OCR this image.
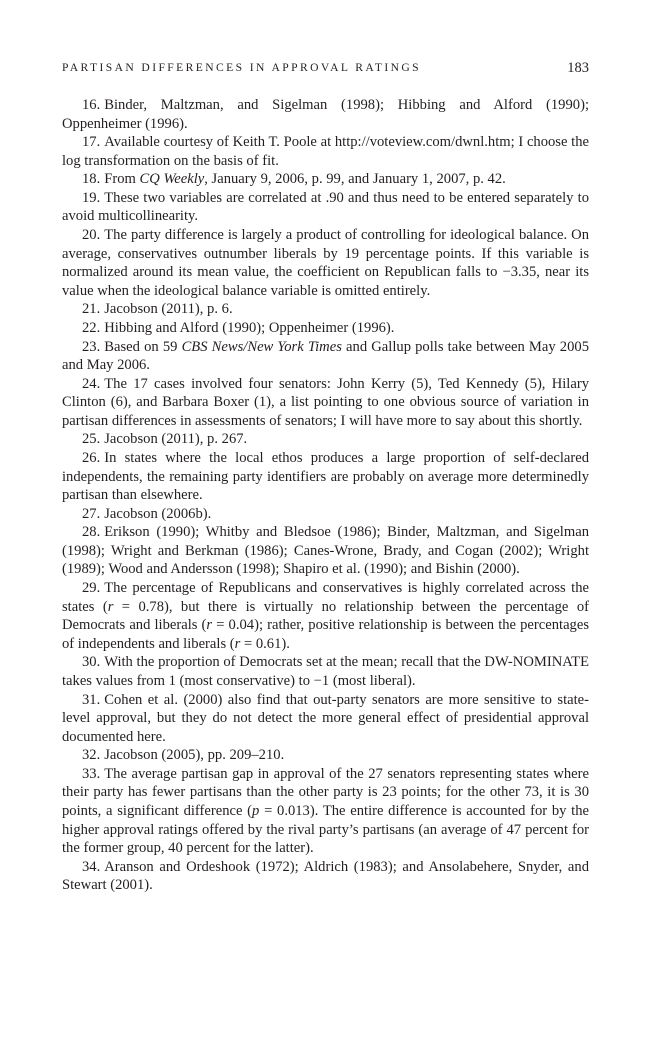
PARTISAN DIFFERENCES IN APPROVAL RATINGS	183

16. Binder, Maltzman, and Sigelman (1998); Hibbing and Alford (1990); Oppenheimer (1996).

17. Available courtesy of Keith T. Poole at http://voteview.com/dwnl.htm; I choose the log transformation on the basis of fit.

18. From CQ Weekly, January 9, 2006, p. 99, and January 1, 2007, p. 42.

19. These two variables are correlated at .90 and thus need to be entered separately to avoid multicollinearity.

20. The party difference is largely a product of controlling for ideological balance. On average, conservatives outnumber liberals by 19 percentage points. If this variable is normalized around its mean value, the coefficient on Republican falls to −3.35, near its value when the ideological balance variable is omitted entirely.

21. Jacobson (2011), p. 6.

22. Hibbing and Alford (1990); Oppenheimer (1996).

23. Based on 59 CBS News/New York Times and Gallup polls take between May 2005 and May 2006.

24. The 17 cases involved four senators: John Kerry (5), Ted Kennedy (5), Hilary Clinton (6), and Barbara Boxer (1), a list pointing to one obvious source of variation in partisan differences in assessments of senators; I will have more to say about this shortly.

25. Jacobson (2011), p. 267.

26. In states where the local ethos produces a large proportion of self-declared independents, the remaining party identifiers are probably on average more determinedly partisan than elsewhere.

27. Jacobson (2006b).

28. Erikson (1990); Whitby and Bledsoe (1986); Binder, Maltzman, and Sigelman (1998); Wright and Berkman (1986); Canes-Wrone, Brady, and Cogan (2002); Wright (1989); Wood and Andersson (1998); Shapiro et al. (1990); and Bishin (2000).

29. The percentage of Republicans and conservatives is highly correlated across the states (r = 0.78), but there is virtually no relationship between the percentage of Democrats and liberals (r = 0.04); rather, positive relationship is between the percentages of independents and liberals (r = 0.61).

30. With the proportion of Democrats set at the mean; recall that the DW-NOMINATE takes values from 1 (most conservative) to −1 (most liberal).

31. Cohen et al. (2000) also find that out-party senators are more sensitive to state-level approval, but they do not detect the more general effect of presidential approval documented here.

32. Jacobson (2005), pp. 209–210.

33. The average partisan gap in approval of the 27 senators representing states where their party has fewer partisans than the other party is 23 points; for the other 73, it is 30 points, a significant difference (p = 0.013). The entire difference is accounted for by the higher approval ratings offered by the rival party’s partisans (an average of 47 percent for the former group, 40 percent for the latter).

34. Aranson and Ordeshook (1972); Aldrich (1983); and Ansolabehere, Snyder, and Stewart (2001).
